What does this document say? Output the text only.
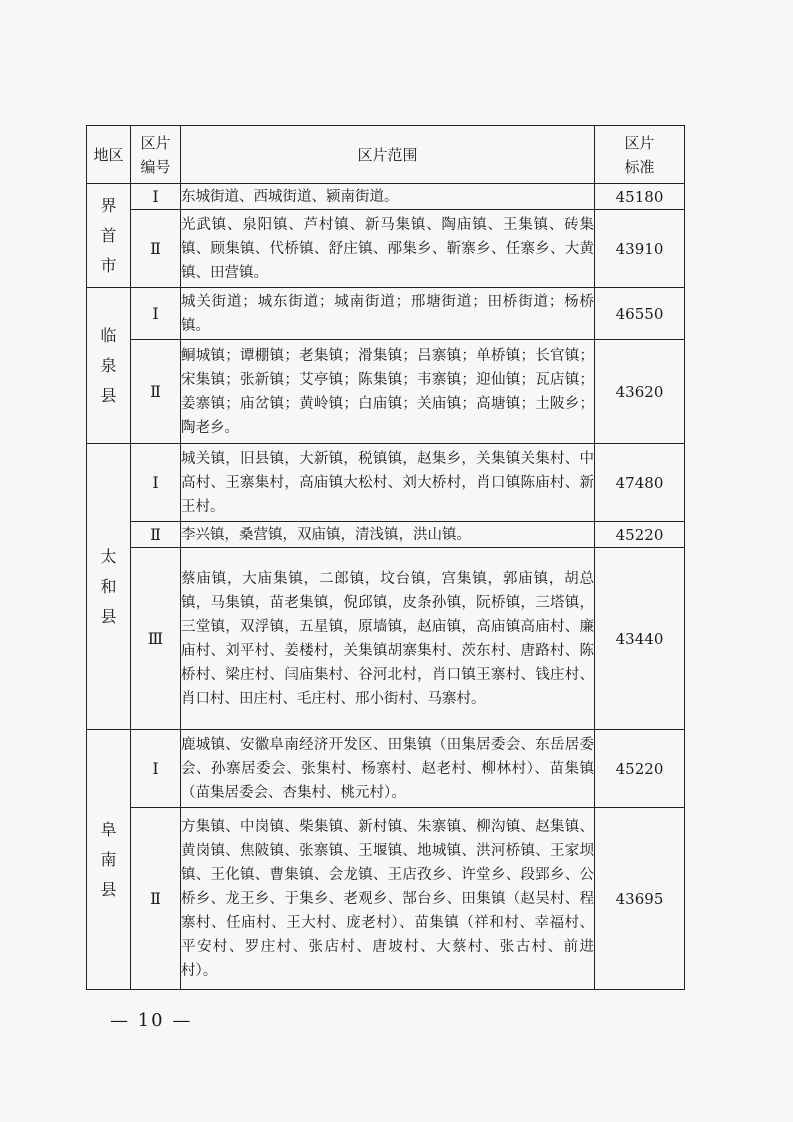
地区	区片编号	区片范围	区片标准

界首市	Ⅰ	东城街道、西城街道、颍南街道。	45180
	Ⅱ	光武镇、泉阳镇、芦村镇、新马集镇、陶庙镇、王集镇、砖集镇、顾集镇、代桥镇、舒庄镇、邴集乡、靳寨乡、任寨乡、大黄镇、田营镇。	43910

临泉县	Ⅰ	城关街道；城东街道；城南街道；邢塘街道；田桥街道；杨桥镇。	46550
	Ⅱ	鲖城镇；谭棚镇；老集镇；滑集镇；吕寨镇；单桥镇；长官镇；宋集镇；张新镇；艾亭镇；陈集镇；韦寨镇；迎仙镇；瓦店镇；姜寨镇；庙岔镇；黄岭镇；白庙镇；关庙镇；高塘镇；土陂乡；陶老乡。	43620

太和县	Ⅰ	城关镇，旧县镇，大新镇，税镇镇，赵集乡，关集镇关集村、中高村、王寨集村，高庙镇大松村、刘大桥村，肖口镇陈庙村、新王村。	47480
	Ⅱ	李兴镇，桑营镇，双庙镇，清浅镇，洪山镇。	45220
	Ⅲ	蔡庙镇，大庙集镇，二郎镇，坟台镇，宫集镇，郭庙镇，胡总镇，马集镇，苗老集镇，倪邱镇，皮条孙镇，阮桥镇，三塔镇，三堂镇，双浮镇，五星镇，原墙镇，赵庙镇，高庙镇高庙村、廉庙村、刘平村、姜楼村，关集镇胡寨集村、茨东村、唐路村、陈桥村、梁庄村、闫庙集村、谷河北村，肖口镇王寨村、钱庄村、肖口村、田庄村、毛庄村、邢小街村、马寨村。	43440

阜南县	Ⅰ	鹿城镇、安徽阜南经济开发区、田集镇（田集居委会、东岳居委会、孙寨居委会、张集村、杨寨村、赵老村、柳林村）、苗集镇（苗集居委会、杏集村、桃元村）。	45220
	Ⅱ	方集镇、中岗镇、柴集镇、新村镇、朱寨镇、柳沟镇、赵集镇、黄岗镇、焦陂镇、张寨镇、王堰镇、地城镇、洪河桥镇、王家坝镇、王化镇、曹集镇、会龙镇、王店孜乡、许堂乡、段郢乡、公桥乡、龙王乡、于集乡、老观乡、郜台乡、田集镇（赵吴村、程寨村、任庙村、王大村、庞老村）、苗集镇（祥和村、幸福村、平安村、罗庄村、张店村、唐坡村、大蔡村、张古村、前进村）。	43695
— 10 —
